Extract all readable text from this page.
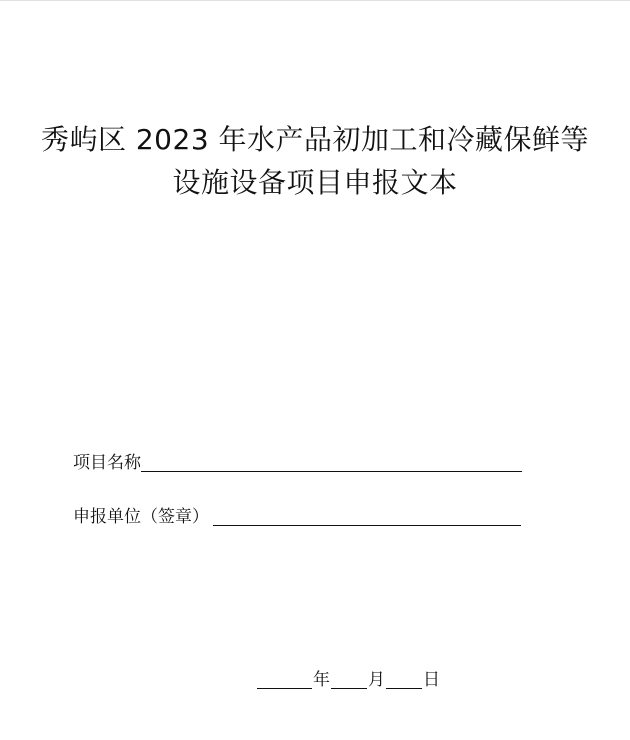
秀屿区 2023 年水产品初加工和冷藏保鲜等
设施设备项目申报文本
项目名称
申报单位（签章）
年 月 日
